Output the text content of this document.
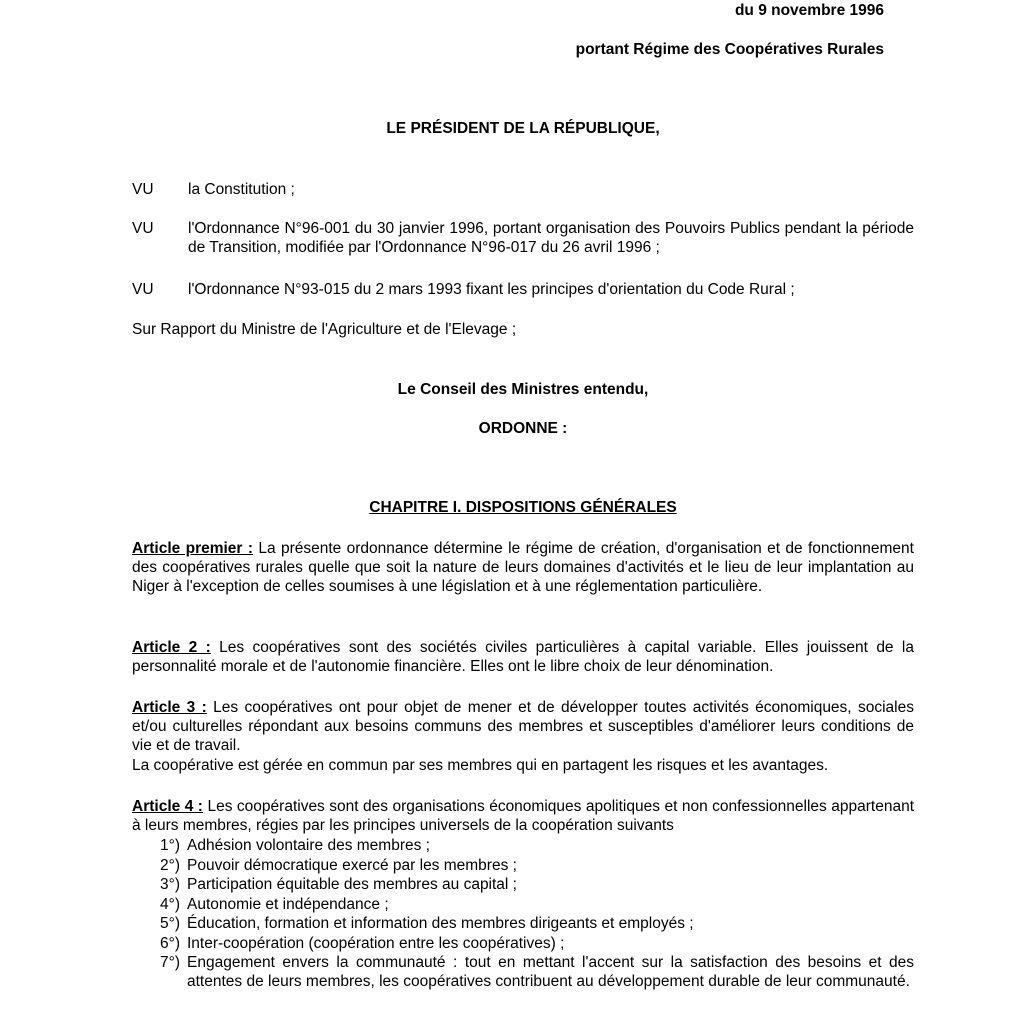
du 9 novembre 1996

portant Régime des Coopératives Rurales

LE PRÉSIDENT DE LA RÉPUBLIQUE,

VU	la Constitution ;
VU	l'Ordonnance N°96-001 du 30 janvier 1996, portant organisation des Pouvoirs Publics pendant la période de Transition, modifiée par l'Ordonnance N°96-017 du 26 avril 1996 ;
VU	l'Ordonnance N°93-015 du 2 mars 1993 fixant les principes d'orientation du Code Rural ;

Sur Rapport du Ministre de l'Agriculture et de l'Elevage ;

Le Conseil des Ministres entendu,

ORDONNE :

CHAPITRE I. DISPOSITIONS GÉNÉRALES

Article premier : La présente ordonnance détermine le régime de création, d'organisation et de fonctionnement des coopératives rurales quelle que soit la nature de leurs domaines d'activités et le lieu de leur implantation au Niger à l'exception de celles soumises à une législation et à une réglementation particulière.

Article 2 : Les coopératives sont des sociétés civiles particulières à capital variable. Elles jouissent de la personnalité morale et de l'autonomie financière. Elles ont le libre choix de leur dénomination.

Article 3 : Les coopératives ont pour objet de mener et de développer toutes activités économiques, sociales et/ou culturelles répondant aux besoins communs des membres et susceptibles d'améliorer leurs conditions de vie et de travail.

La coopérative est gérée en commun par ses membres qui en partagent les risques et les avantages.

Article 4 : Les coopératives sont des organisations économiques apolitiques et non confessionnelles appartenant à leurs membres, régies par les principes universels de la coopération suivants

1°) Adhésion volontaire des membres ;
2°) Pouvoir démocratique exercé par les membres ;
3°) Participation équitable des membres au capital ;
4°) Autonomie et indépendance ;
5°) Éducation, formation et information des membres dirigeants et employés ;
6°) Inter-coopération (coopération entre les coopératives) ;
7°) Engagement envers la communauté : tout en mettant l'accent sur la satisfaction des besoins et des attentes de leurs membres, les coopératives contribuent au développement durable de leur communauté.
